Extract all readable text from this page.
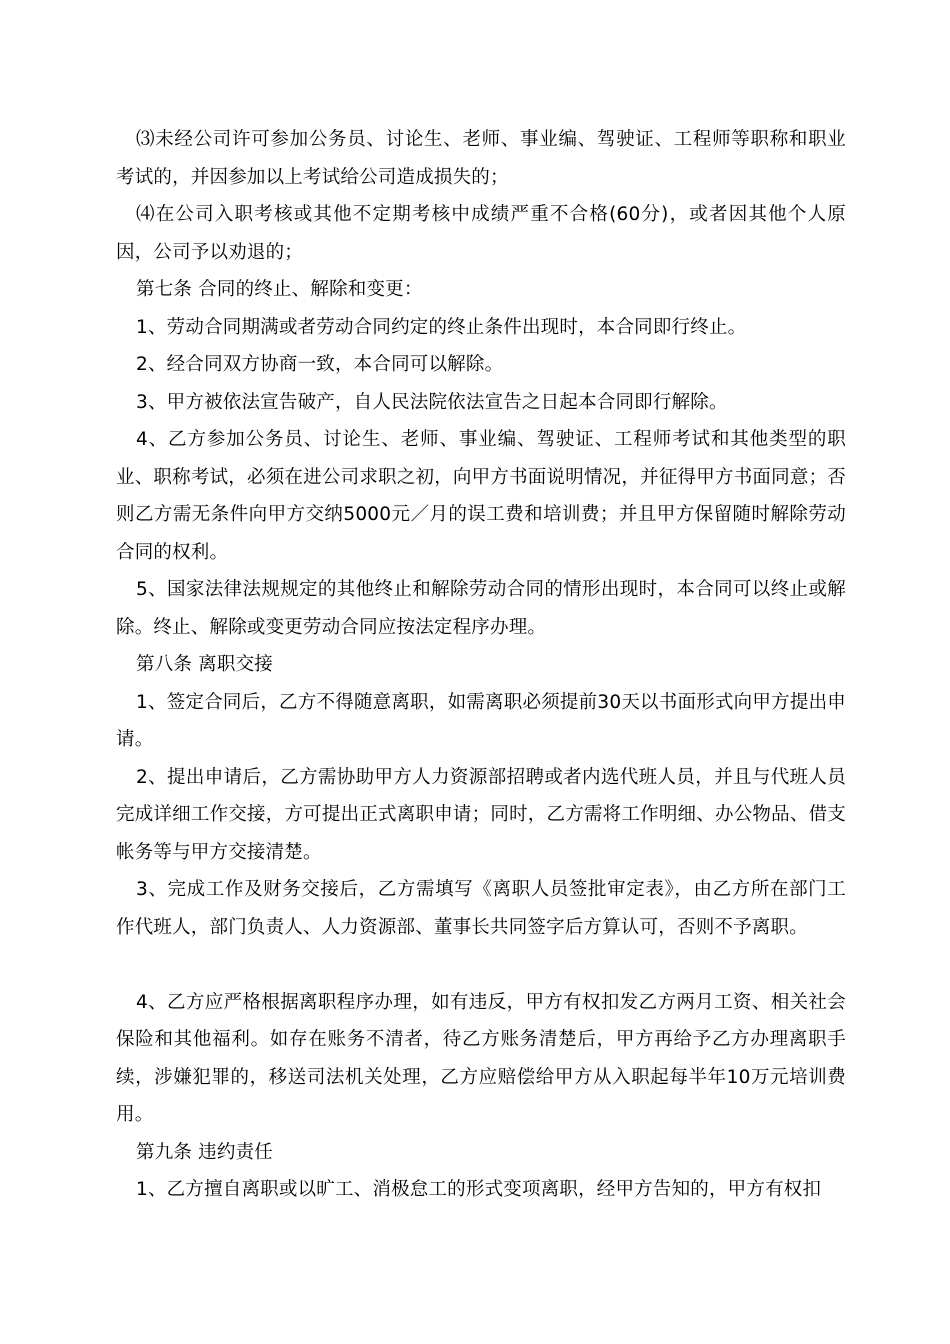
⑶未经公司许可参加公务员、讨论生、老师、事业编、驾驶证、工程师等职称和职业考试的，并因参加以上考试给公司造成损失的；

⑷在公司入职考核或其他不定期考核中成绩严重不合格(60分)，或者因其他个人原因，公司予以劝退的；

第七条 合同的终止、解除和变更：

1、劳动合同期满或者劳动合同约定的终止条件出现时，本合同即行终止。

2、经合同双方协商一致，本合同可以解除。

3、甲方被依法宣告破产，自人民法院依法宣告之日起本合同即行解除。

4、乙方参加公务员、讨论生、老师、事业编、驾驶证、工程师考试和其他类型的职业、职称考试，必须在进公司求职之初，向甲方书面说明情况，并征得甲方书面同意；否则乙方需无条件向甲方交纳5000元／月的误工费和培训费；并且甲方保留随时解除劳动合同的权利。

5、国家法律法规规定的其他终止和解除劳动合同的情形出现时，本合同可以终止或解除。终止、解除或变更劳动合同应按法定程序办理。

第八条 离职交接

1、签定合同后，乙方不得随意离职，如需离职必须提前30天以书面形式向甲方提出申请。

2、提出申请后，乙方需协助甲方人力资源部招聘或者内选代班人员，并且与代班人员完成详细工作交接，方可提出正式离职申请；同时，乙方需将工作明细、办公物品、借支帐务等与甲方交接清楚。

3、完成工作及财务交接后，乙方需填写《离职人员签批审定表》，由乙方所在部门工作代班人，部门负责人、人力资源部、董事长共同签字后方算认可，否则不予离职。

4、乙方应严格根据离职程序办理，如有违反，甲方有权扣发乙方两月工资、相关社会保险和其他福利。如存在账务不清者，待乙方账务清楚后，甲方再给予乙方办理离职手续，涉嫌犯罪的，移送司法机关处理，乙方应赔偿给甲方从入职起每半年10万元培训费用。

第九条 违约责任

1、乙方擅自离职或以旷工、消极怠工的形式变项离职，经甲方告知的，甲方有权扣
